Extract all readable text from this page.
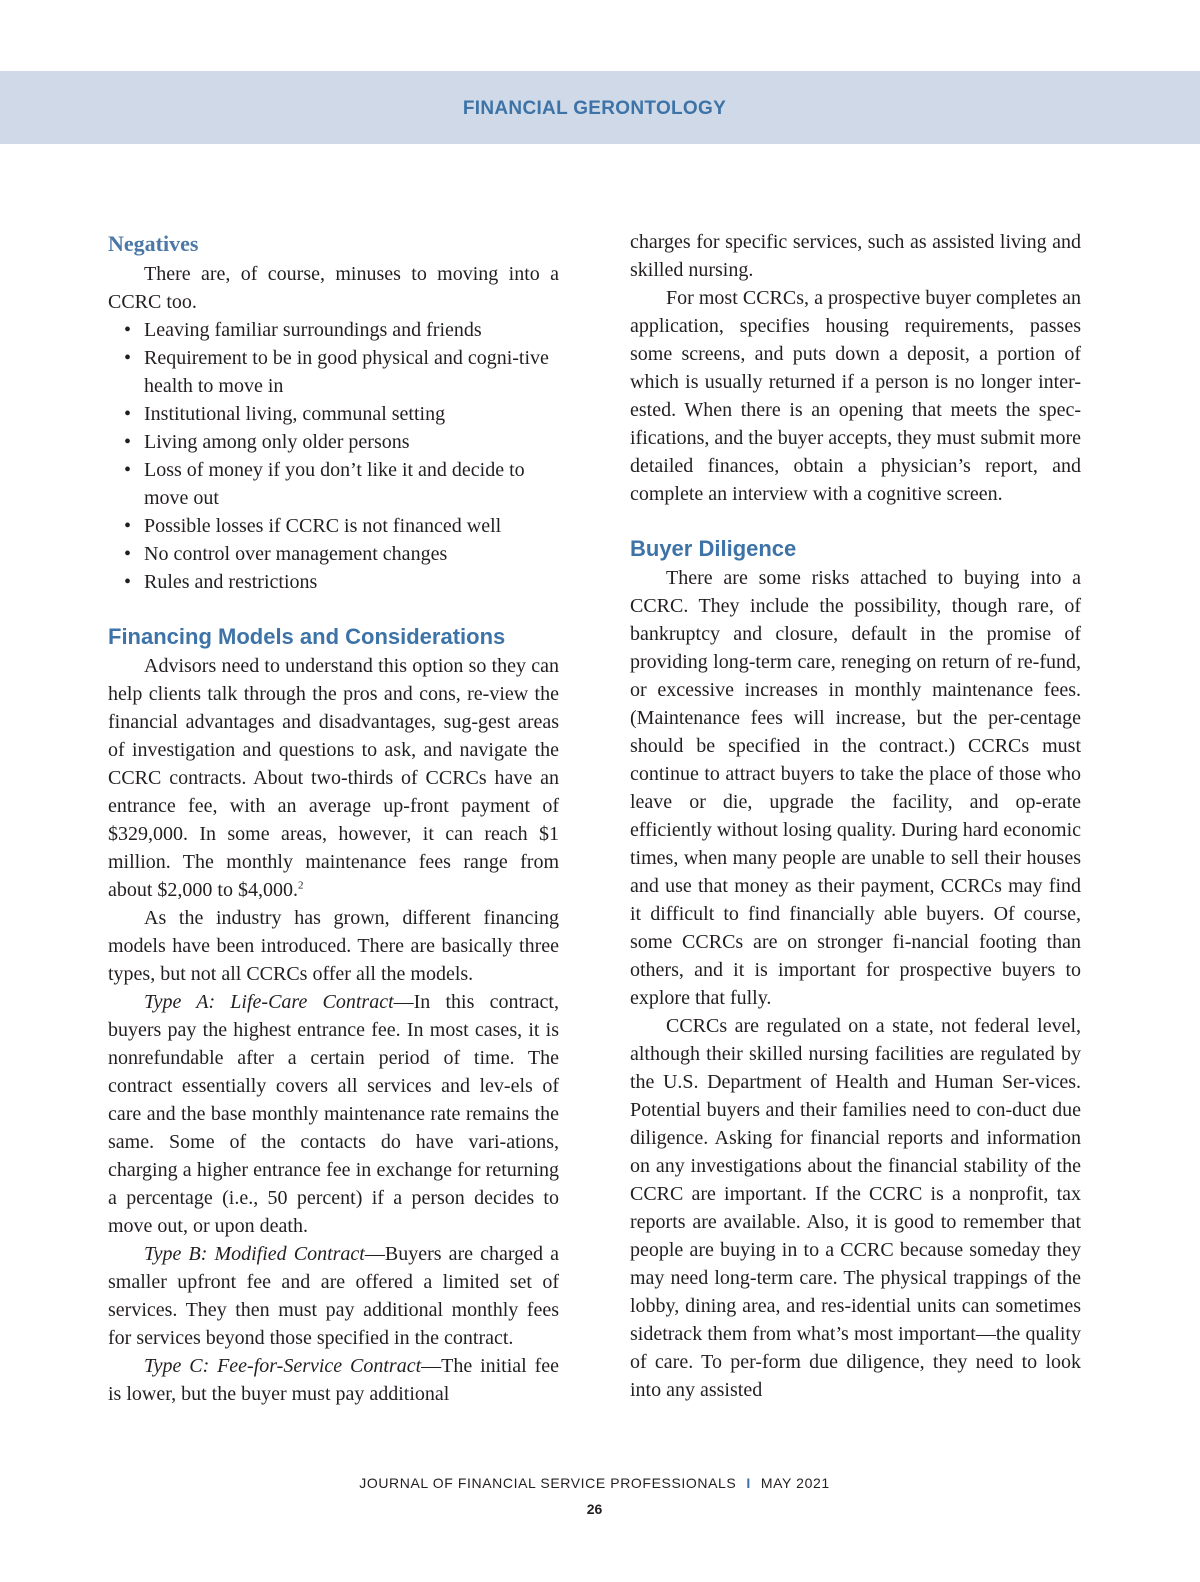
FINANCIAL GERONTOLOGY
Negatives

There are, of course, minuses to moving into a CCRC too.

• Leaving familiar surroundings and friends
• Requirement to be in good physical and cogni-tive health to move in
• Institutional living, communal setting
• Living among only older persons
• Loss of money if you don’t like it and decide to move out
• Possible losses if CCRC is not financed well
• No control over management changes
• Rules and restrictions
Financing Models and Considerations

Advisors need to understand this option so they can help clients talk through the pros and cons, re-view the financial advantages and disadvantages, sug-gest areas of investigation and questions to ask, and navigate the CCRC contracts. About two-thirds of CCRCs have an entrance fee, with an average up-front payment of $329,000. In some areas, however, it can reach $1 million. The monthly maintenance fees range from about $2,000 to $4,000.$^2$

As the industry has grown, different financing models have been introduced. There are basically three types, but not all CCRCs offer all the models.

Type A: Life-Care Contract—In this contract, buyers pay the highest entrance fee. In most cases, it is nonrefundable after a certain period of time. The contract essentially covers all services and lev-els of care and the base monthly maintenance rate remains the same. Some of the contacts do have vari-ations, charging a higher entrance fee in exchange for returning a percentage (i.e., 50 percent) if a person decides to move out, or upon death.

Type B: Modified Contract—Buyers are charged a smaller upfront fee and are offered a limited set of services. They then must pay additional monthly fees for services beyond those specified in the contract.

Type C: Fee-for-Service Contract—The initial fee is lower, but the buyer must pay additional

charges for specific services, such as assisted living and skilled nursing.

For most CCRCs, a prospective buyer completes an application, specifies housing requirements, passes some screens, and puts down a deposit, a portion of which is usually returned if a person is no longer inter-ested. When there is an opening that meets the spec-ifications, and the buyer accepts, they must submit more detailed finances, obtain a physician’s report, and complete an interview with a cognitive screen.

Buyer Diligence

There are some risks attached to buying into a CCRC. They include the possibility, though rare, of bankruptcy and closure, default in the promise of providing long-term care, reneging on return of re-fund, or excessive increases in monthly maintenance fees. (Maintenance fees will increase, but the per-centage should be specified in the contract.) CCRCs must continue to attract buyers to take the place of those who leave or die, upgrade the facility, and op-erate efficiently without losing quality. During hard economic times, when many people are unable to sell their houses and use that money as their payment, CCRCs may find it difficult to find financially able buyers. Of course, some CCRCs are on stronger fi-nancial footing than others, and it is important for prospective buyers to explore that fully.

CCRCs are regulated on a state, not federal level, although their skilled nursing facilities are regulated by the U.S. Department of Health and Human Ser-vices. Potential buyers and their families need to con-duct due diligence. Asking for financial reports and information on any investigations about the financial stability of the CCRC are important. If the CCRC is a nonprofit, tax reports are available. Also, it is good to remember that people are buying in to a CCRC because someday they may need long-term care. The physical trappings of the lobby, dining area, and res-idential units can sometimes sidetrack them from what’s most important—the quality of care. To per-form due diligence, they need to look into any assisted

JOURNAL OF FINANCIAL SERVICE PROFESSIONALS I MAY 2021
26
